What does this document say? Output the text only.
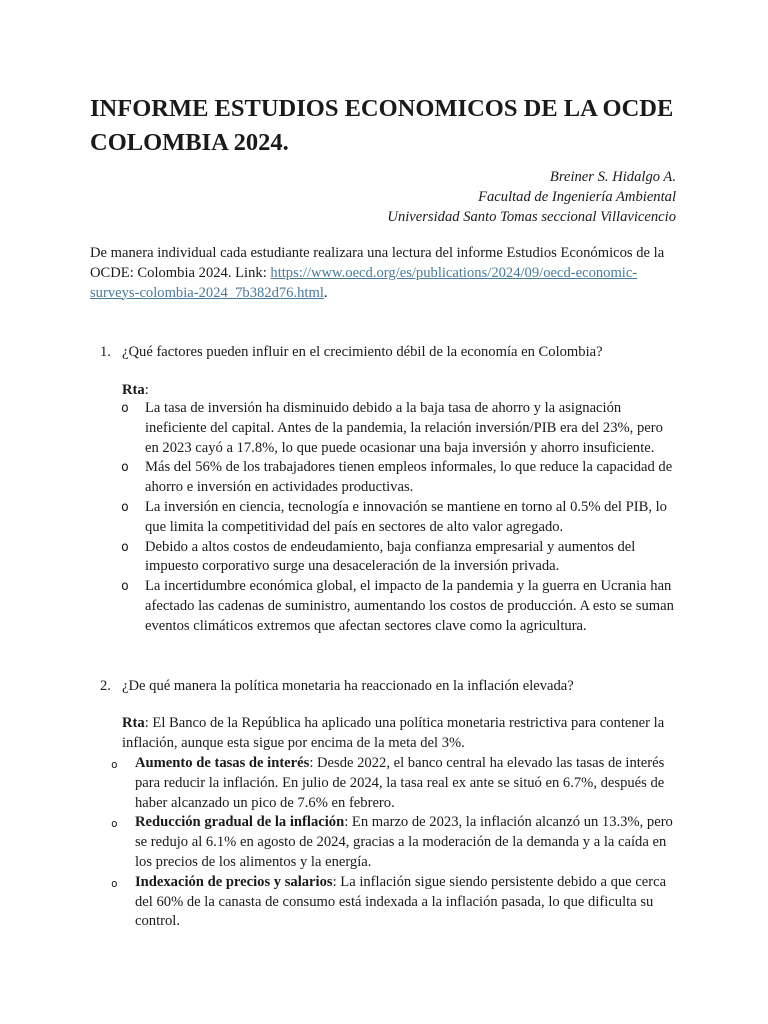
INFORME ESTUDIOS ECONOMICOS DE LA OCDE COLOMBIA 2024.
Breiner S. Hidalgo A.
Facultad de Ingeniería Ambiental
Universidad Santo Tomas seccional Villavicencio

De manera individual cada estudiante realizara una lectura del informe Estudios Económicos de la OCDE: Colombia 2024. Link: https://www.oecd.org/es/publications/2024/09/oecd-economic-surveys-colombia-2024_7b382d76.html.

1. ¿Qué factores pueden influir en el crecimiento débil de la economía en Colombia?
Rta:
o La tasa de inversión ha disminuido debido a la baja tasa de ahorro y la asignación ineficiente del capital. Antes de la pandemia, la relación inversión/PIB era del 23%, pero en 2023 cayó a 17.8%, lo que puede ocasionar una baja inversión y ahorro insuficiente.
o Más del 56% de los trabajadores tienen empleos informales, lo que reduce la capacidad de ahorro e inversión en actividades productivas.
o La inversión en ciencia, tecnología e innovación se mantiene en torno al 0.5% del PIB, lo que limita la competitividad del país en sectores de alto valor agregado.
o Debido a altos costos de endeudamiento, baja confianza empresarial y aumentos del impuesto corporativo surge una desaceleración de la inversión privada.
o La incertidumbre económica global, el impacto de la pandemia y la guerra en Ucrania han afectado las cadenas de suministro, aumentando los costos de producción. A esto se suman eventos climáticos extremos que afectan sectores clave como la agricultura.
2. ¿De qué manera la política monetaria ha reaccionado en la inflación elevada?
Rta: El Banco de la República ha aplicado una política monetaria restrictiva para contener la inflación, aunque esta sigue por encima de la meta del 3%.
o Aumento de tasas de interés: Desde 2022, el banco central ha elevado las tasas de interés para reducir la inflación. En julio de 2024, la tasa real ex ante se situó en 6.7%, después de haber alcanzado un pico de 7.6% en febrero.
o Reducción gradual de la inflación: En marzo de 2023, la inflación alcanzó un 13.3%, pero se redujo al 6.1% en agosto de 2024, gracias a la moderación de la demanda y a la caída en los precios de los alimentos y la energía.
o Indexación de precios y salarios: La inflación sigue siendo persistente debido a que cerca del 60% de la canasta de consumo está indexada a la inflación pasada, lo que dificulta su control.
